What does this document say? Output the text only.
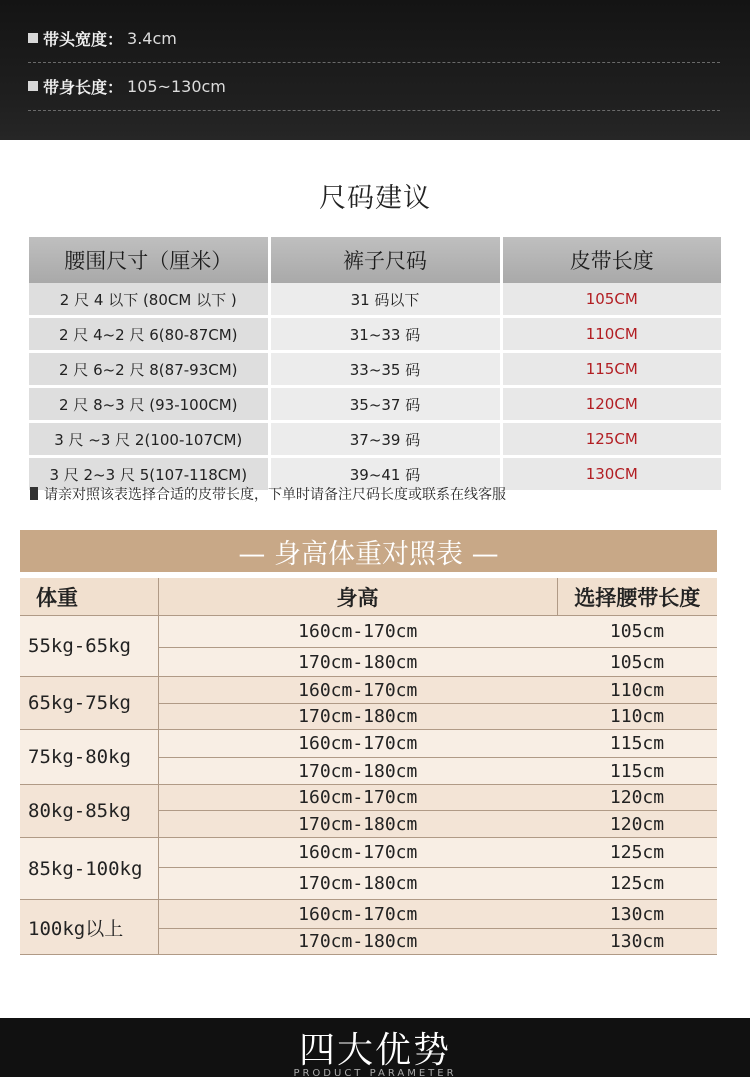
带头宽度： 3.4cm
带身长度： 105~130cm
尺码建议
腰围尺寸（厘米）	裤子尺码	皮带长度
2 尺 4 以下 (80CM 以下 )	31 码以下	105CM
2 尺 4~2 尺 6(80-87CM)	31~33 码	110CM
2 尺 6~2 尺 8(87-93CM)	33~35 码	115CM
2 尺 8~3 尺 (93-100CM)	35~37 码	120CM
3 尺 ~3 尺 2(100-107CM)	37~39 码	125CM
3 尺 2~3 尺 5(107-118CM)	39~41 码	130CM
请亲对照该表选择合适的皮带长度，下单时请备注尺码长度或联系在线客服
— 身高体重对照表 —
体重	身高	选择腰带长度
55kg-65kg	160cm-170cm	105cm
	170cm-180cm	105cm
65kg-75kg	160cm-170cm	110cm
	170cm-180cm	110cm
75kg-80kg	160cm-170cm	115cm
	170cm-180cm	115cm
80kg-85kg	160cm-170cm	120cm
	170cm-180cm	120cm
85kg-100kg	160cm-170cm	125cm
	170cm-180cm	125cm
100kg以上	160cm-170cm	130cm
	170cm-180cm	130cm
四大优势
PRODUCT PARAMETER
